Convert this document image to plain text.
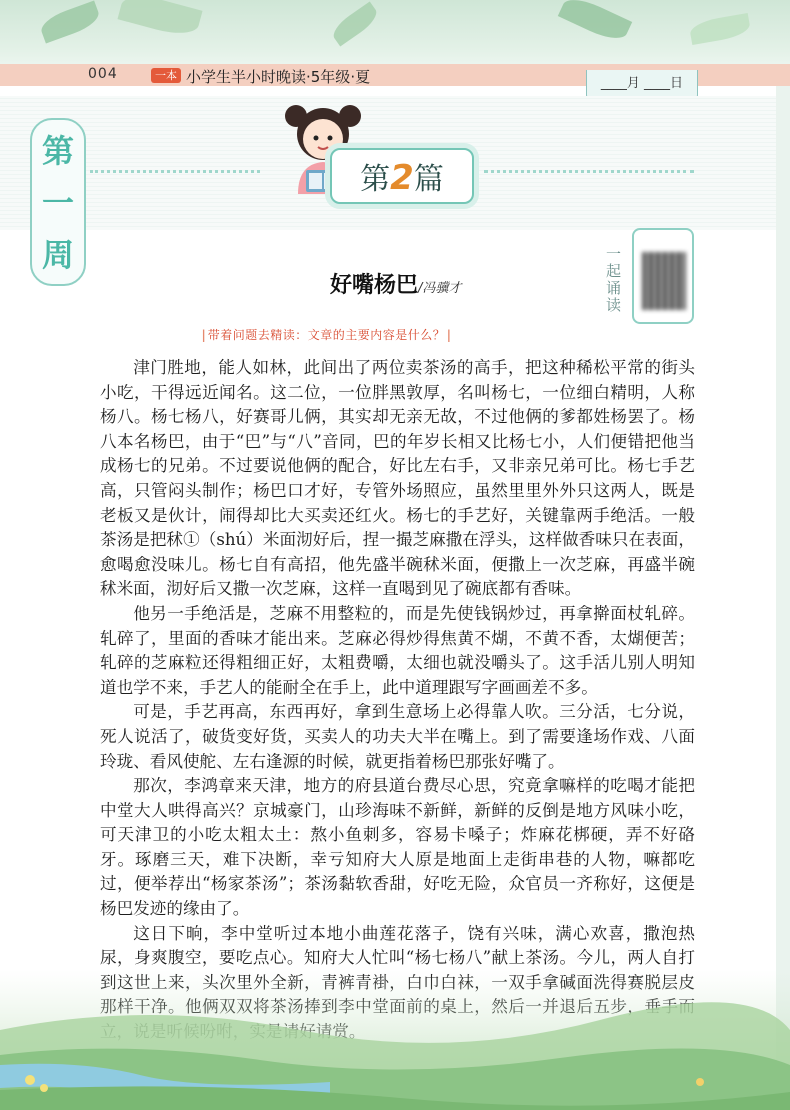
004	一本 小学生半小时晚读·5年级·夏	____月 ____日
第
一
周
第2篇
一起诵读
好嘴杨巴/冯骥才
| 带着问题去精读：文章的主要内容是什么？ |

津门胜地，能人如林，此间出了两位卖茶汤的高手，把这种稀松平常的街头小吃，干得远近闻名。这二位，一位胖黑敦厚，名叫杨七，一位细白精明，人称杨八。杨七杨八，好赛哥儿俩，其实却无亲无故，不过他俩的爹都姓杨罢了。杨八本名杨巴，由于“巴”与“八”音同，巴的年岁长相又比杨七小，人们便错把他当成杨七的兄弟。不过要说他俩的配合，好比左右手，又非亲兄弟可比。杨七手艺高，只管闷头制作；杨巴口才好，专管外场照应，虽然里里外外只这两人，既是老板又是伙计，闹得却比大买卖还红火。杨七的手艺好，关键靠两手绝活。一般茶汤是把秫①（shú）米面沏好后，捏一撮芝麻撒在浮头，这样做香味只在表面，愈喝愈没味儿。杨七自有高招，他先盛半碗秫米面，便撒上一次芝麻，再盛半碗秫米面，沏好后又撒一次芝麻，这样一直喝到见了碗底都有香味。

他另一手绝活是，芝麻不用整粒的，而是先使钱锅炒过，再拿擀面杖轧碎。轧碎了，里面的香味才能出来。芝麻必得炒得焦黄不煳，不黄不香，太煳便苦；轧碎的芝麻粒还得粗细正好，太粗费嚼，太细也就没嚼头了。这手活儿别人明知道也学不来，手艺人的能耐全在手上，此中道理跟写字画画差不多。

可是，手艺再高，东西再好，拿到生意场上必得靠人吹。三分活，七分说，死人说活了，破货变好货，买卖人的功夫大半在嘴上。到了需要逢场作戏、八面玲珑、看风使舵、左右逢源的时候，就更指着杨巴那张好嘴了。

那次，李鸿章来天津，地方的府县道台费尽心思，究竟拿嘛样的吃喝才能把中堂大人哄得高兴？京城豪门，山珍海味不新鲜，新鲜的反倒是地方风味小吃，可天津卫的小吃太粗太土：熬小鱼刺多，容易卡嗓子；炸麻花梆硬，弄不好硌牙。琢磨三天，难下决断，幸亏知府大人原是地面上走街串巷的人物，嘛都吃过，便举荐出“杨家茶汤”；茶汤黏软香甜，好吃无险，众官员一齐称好，这便是杨巴发迹的缘由了。

这日下晌，李中堂听过本地小曲莲花落子，饶有兴味，满心欢喜，撒泡热尿，身爽腹空，要吃点心。知府大人忙叫“杨七杨八”献上茶汤。今儿，两人自打
